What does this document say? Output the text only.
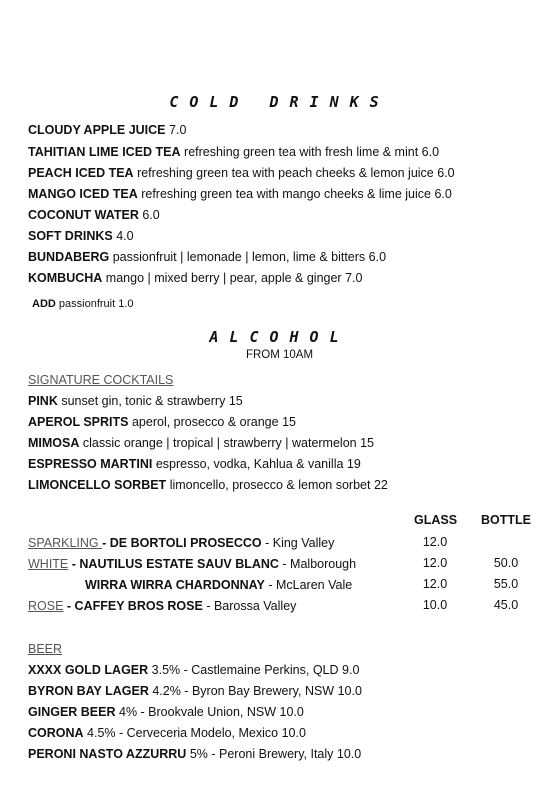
COLD DRINKS
CLOUDY APPLE JUICE 7.0
TAHITIAN LIME ICED TEA refreshing green tea with fresh lime & mint 6.0
PEACH ICED TEA refreshing green tea with peach cheeks & lemon juice 6.0
MANGO ICED TEA refreshing green tea with mango cheeks & lime juice 6.0
COCONUT WATER 6.0
SOFT DRINKS 4.0
BUNDABERG passionfruit | lemonade | lemon, lime & bitters 6.0
KOMBUCHA mango | mixed berry | pear, apple & ginger 7.0
ADD passionfruit 1.0
ALCOHOL
FROM 10AM
SIGNATURE COCKTAILS
PINK sunset gin, tonic & strawberry 15
APEROL SPRITS aperol, prosecco & orange 15
MIMOSA classic orange | tropical | strawberry | watermelon 15
ESPRESSO MARTINI espresso, vodka, Kahlua & vanilla 19
LIMONCELLO SORBET limoncello, prosecco & lemon sorbet 22
GLASS BOTTLE
SPARKLING - DE BORTOLI PROSECCO - King Valley	12.0
WHITE - NAUTILUS ESTATE SAUV BLANC - Malborough	12.0	50.0
WIRRA WIRRA CHARDONNAY - McLaren Vale	12.0	55.0
ROSE - CAFFEY BROS ROSE - Barossa Valley	10.0	45.0
BEER
XXXX GOLD LAGER 3.5% - Castlemaine Perkins, QLD 9.0
BYRON BAY LAGER 4.2% - Byron Bay Brewery, NSW 10.0
GINGER BEER 4% - Brookvale Union, NSW 10.0
CORONA 4.5% - Cerveceria Modelo, Mexico 10.0
PERONI NASTO AZZURRU 5% - Peroni Brewery, Italy 10.0
